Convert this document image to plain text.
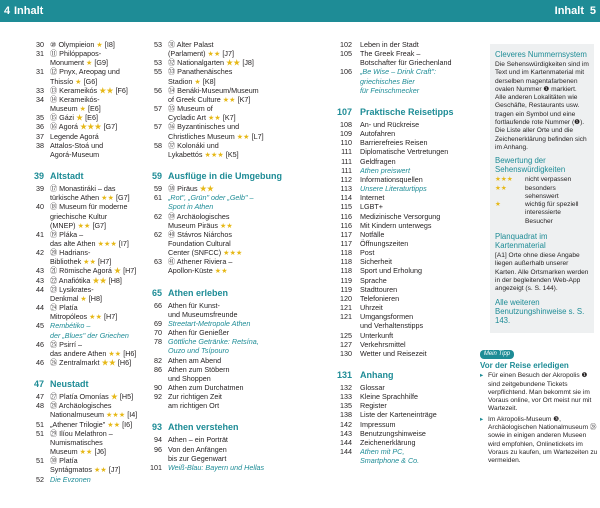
4 Inhalt	Inhalt 5
30 ⑩ Olympieion ★ [I8]
31 ⑪ Philóppapos-
Monument ★ [G9]
31 ⑫ Pnyx, Areopag und
Thissío ★ [G6]
33 ⑬ Kerameikós ★★ [F6]
34 ⑭ Kerameikós-
Museum ★ [E6]
35 ⑮ Gázi ★ [E6]
36 ⑯ Agorá ★★★ [G7]
37 Legende Agorá
38 Attalos-Stoá und
Agorá-Museum
39 Altstadt
39 ⑰ Monastiráki – das
türkische Athen ★★ [G7]
40 ⑱ Museum für moderne
griechische Kultur
(MNEP) ★★ [G7]
41 ⑲ Pláka –
das alte Athen ★★★ [I7]
42 ⑳ Hadrians-
Bibliothek ★★ [H7]
43 ㉑ Römische Agorá ★ [H7]
43 ㉒ Anafiótika ★★ [H8]
44 ㉓ Lysikrates-
Denkmal ★ [H8]
44 ㉔ Platía
Mitropóleos ★★ [H7]
45 Rembétiko –
der „Blues" der Griechen
46 ㉕ Psirrí –
das andere Athen ★★ [H6]
46 ㉖ Zentralmarkt ★★ [H6]
47 Neustadt
47 ㉗ Platía Omonías ★ [H5]
48 ㉘ Archäologisches
Nationalmuseum ★★★ [I4]
51 „Athener Trilogie" ★★ [I6]
51 ㉙ Ilíou Melathron –
Numismatisches
Museum ★★ [J6]
51 ㉚ Platía
Syntágmatos ★★ [J7]
52 Die Evzonen
53 ㉛ Alter Palast
(Parlament) ★★ [J7]
53 ㉜ Nationalgarten ★★ [J8]
55 ㉝ Panathenäisches
Stadion ★ [K8]
56 ㉞ Benáki-Museum/Museum
of Greek Culture ★★ [K7]
57 ㉟ Museum of
Cycladic Art ★★ [K7]
57 ㊱ Byzantinisches und
Christliches Museum ★★ [L7]
58 ㊲ Kolonáki und
Lykabettós ★★★ [K5]
59 Ausflüge in die Umgebung
59 ㊳ Piräus ★★
61 „Rot", „Grün" oder „Gelb" –
Sport in Athen
62 ㊴ Archäologisches
Museum Piräus ★★
62 ㊵ Stávros Niárchos
Foundation Cultural
Center (SNFCC) ★★★
63 ㊶ Athener Riviera –
Apollon-Küste ★★
65 Athen erleben
66 Athen für Kunst-
und Museumsfreunde
69 Streetart-Metropole Athen
70 Athen für Genießer
78 Göttliche Getränke: Retsína,
Ouzo und Tsípouro
82 Athen am Abend
86 Athen zum Stöbern
und Shoppen
90 Athen zum Durchatmen
92 Zur richtigen Zeit
am richtigen Ort
93 Athen verstehen
94 Athen – ein Porträt
96 Von den Anfängen
bis zur Gegenwart
101 Weiß-Blau: Bayern und Hellas
102	Leben in der Stadt
105	The Greek Freak –
Botschafter für Griechenland
106	„Be Wise – Drink Craft":
griechisches Bier
für Feinschmecker
107 Praktische Reisetipps
108	An- und Rückreise
109	Autofahren
110	Barrierefreies Reisen
111	Diplomatische Vertretungen
111	Geldfragen
111	Athen preiswert
112	Informationsquellen
113	Unsere Literaturtipps
114	Internet
115	LGBT+
116	Medizinische Versorgung
116	Mit Kindern unterwegs
117	Notfälle
117	Öffnungszeiten
118	Post
118	Sicherheit
118	Sport und Erholung
119	Sprache
119	Stadttouren
120	Telefonieren
121	Uhrzeit
121	Umgangsformen
und Verhaltenstipps
125	Unterkunft
127	Verkehrsmittel
130	Wetter und Reisezeit
131 Anhang
132	Glossar
133	Kleine Sprachhilfe
135	Register
138	Liste der Karteneinträge
142	Impressum
143	Benutzungshinweise
144	Zeichenerklärung
144	Athen mit PC,
Smartphone & Co.
Cleveres Nummernsystem

Die Sehenswürdigkeiten sind im Text und im Kartenmaterial mit derselben magentafarbenen ovalen Nummer ❶ markiert. Alle anderen Lokalitäten wie Geschäfte, Restaurants usw. tragen ein Symbol und eine fortlaufende rote Nummer (❶). Die Liste aller Orte und die Zeichenerklärung befinden sich im Anhang.

Bewertung der Sehenswürdigkeiten
★★★	nicht verpassen
★★	besonders sehenswert
★	wichtig für speziell
interessierte Besucher
Planquadrat im Kartenmaterial

[A1] Orte ohne diese Angabe liegen außerhalb unserer Karten. Alle Ortsmarken werden in der begleitenden Web-App angezeigt (s. S. 144).

Alle weiteren Benutzungshinweise s. S. 143.
Mein Tipp
Vor der Reise erledigen
▸ Für einen Besuch der Akropolis ❶ sind zeitgebundene Tickets verpflichtend. Man bekommt sie im Voraus online, vor Ort meist nur mit Wartezeit.
▸ Im Akropolis-Museum ❸, Archäologischen Nationalmuseum ㉘ sowie in einigen anderen Museen wird empfohlen, Onlinetickets im Voraus zu kaufen, um Wartezeiten zu vermeiden.
